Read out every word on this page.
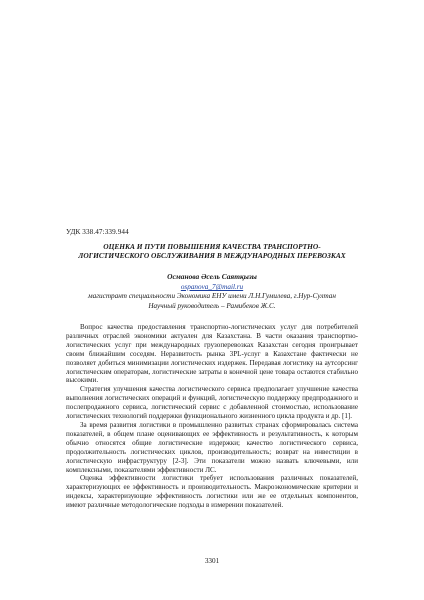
УДК 338.47:339.944
ОЦЕНКА И ПУТИ ПОВЫШЕНИЯ КАЧЕСТВА ТРАНСПОРТНО-
ЛОГИСТИЧЕСКОГО ОБСЛУЖИВАНИЯ В МЕЖДУНАРОДНЫХ ПЕРЕВОЗКАХ
Османова Әсель Саятқызы
ospanova_7@mail.ru
магистрант специальности Экономика ЕНУ имени Л.Н.Гумилева, г.Нур-Султан
Научный руководитель – Рамибеков Ж.С.

Вопрос качества предоставления транспортно-логистических услуг для потребителей различных отраслей экономики актуален для Казахстана. В части оказания транспортно-логистических услуг при международных грузоперевозках Казахстан сегодня проигрывает своим ближайшим соседям. Неразвитость рынка 3PL-услуг в Казахстане фактически не позволяет добиться минимизации логистических издержек. Передавая логистику на аутсорсинг логистическим операторам, логистические затраты в конечной цене товара остаются стабильно высокими.

Стратегия улучшения качества логистического сервиса предполагает улучшение качества выполнения логистических операций и функций, логистическую поддержку предпродажного и послепродажного сервиса, логистический сервис с добавленной стоимостью, использование логистических технологий поддержки функционального жизненного цикла продукта и др. [1].

За время развития логистики в промышленно развитых странах сформировалась система показателей, в общем плане оценивающих ее эффективность и результативность, к которым обычно относятся общие логистические издержки; качество логистического сервиса, продолжительность логистических циклов, производительность; возврат на инвестиции в логистическую инфраструктуру [2-3]. Эти показатели можно назвать ключевыми, или комплексными, показателями эффективности ЛС.

Оценка эффективности логистики требует использования различных показателей, характеризующих ее эффективность и производительность. Макроэкономические критерии и индексы, характеризующие эффективность логистики или же ее отдельных компонентов, имеют различные методологические подходы в измерении показателей.

3301
